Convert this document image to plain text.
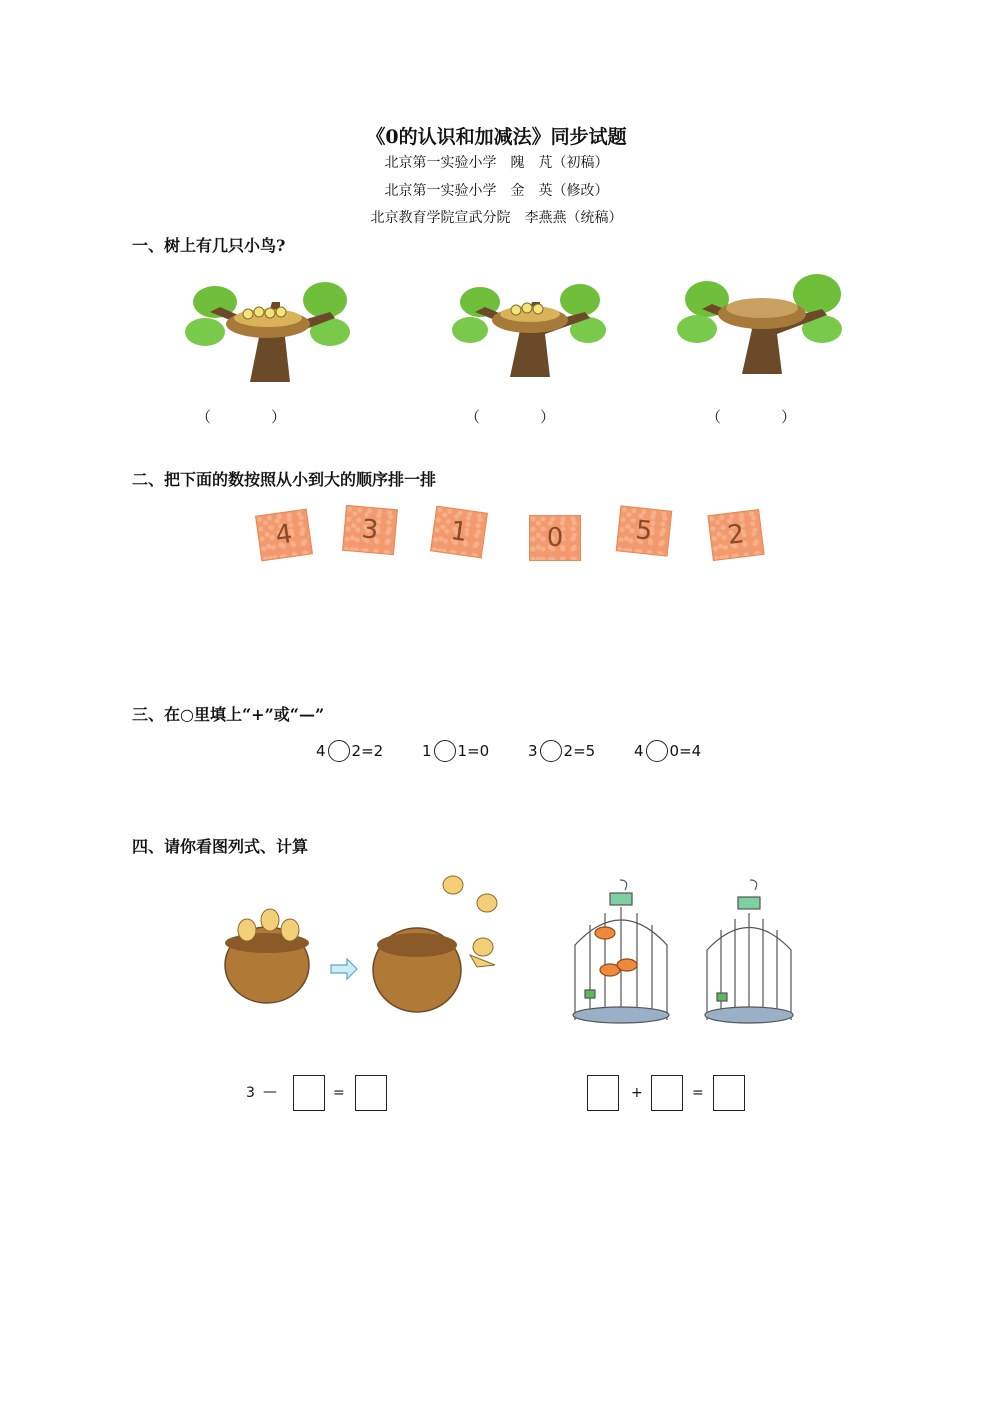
《0的认识和加减法》同步试题
北京第一实验小学　隗　芃（初稿）
北京第一实验小学　金　英（修改）
北京教育学院宣武分院　李燕燕（统稿）
一、树上有几只小鸟?
（　　　　）	（　　　　）	（　　　　）
二、把下面的数按照从小到大的顺序排一排
4	3	1	0	5	2
三、在○里填上“+”或“—”
4 2=2	1 1=0	3 2=5	4 0=4
四、请你看图列式、计算
3 —	=	+	=
